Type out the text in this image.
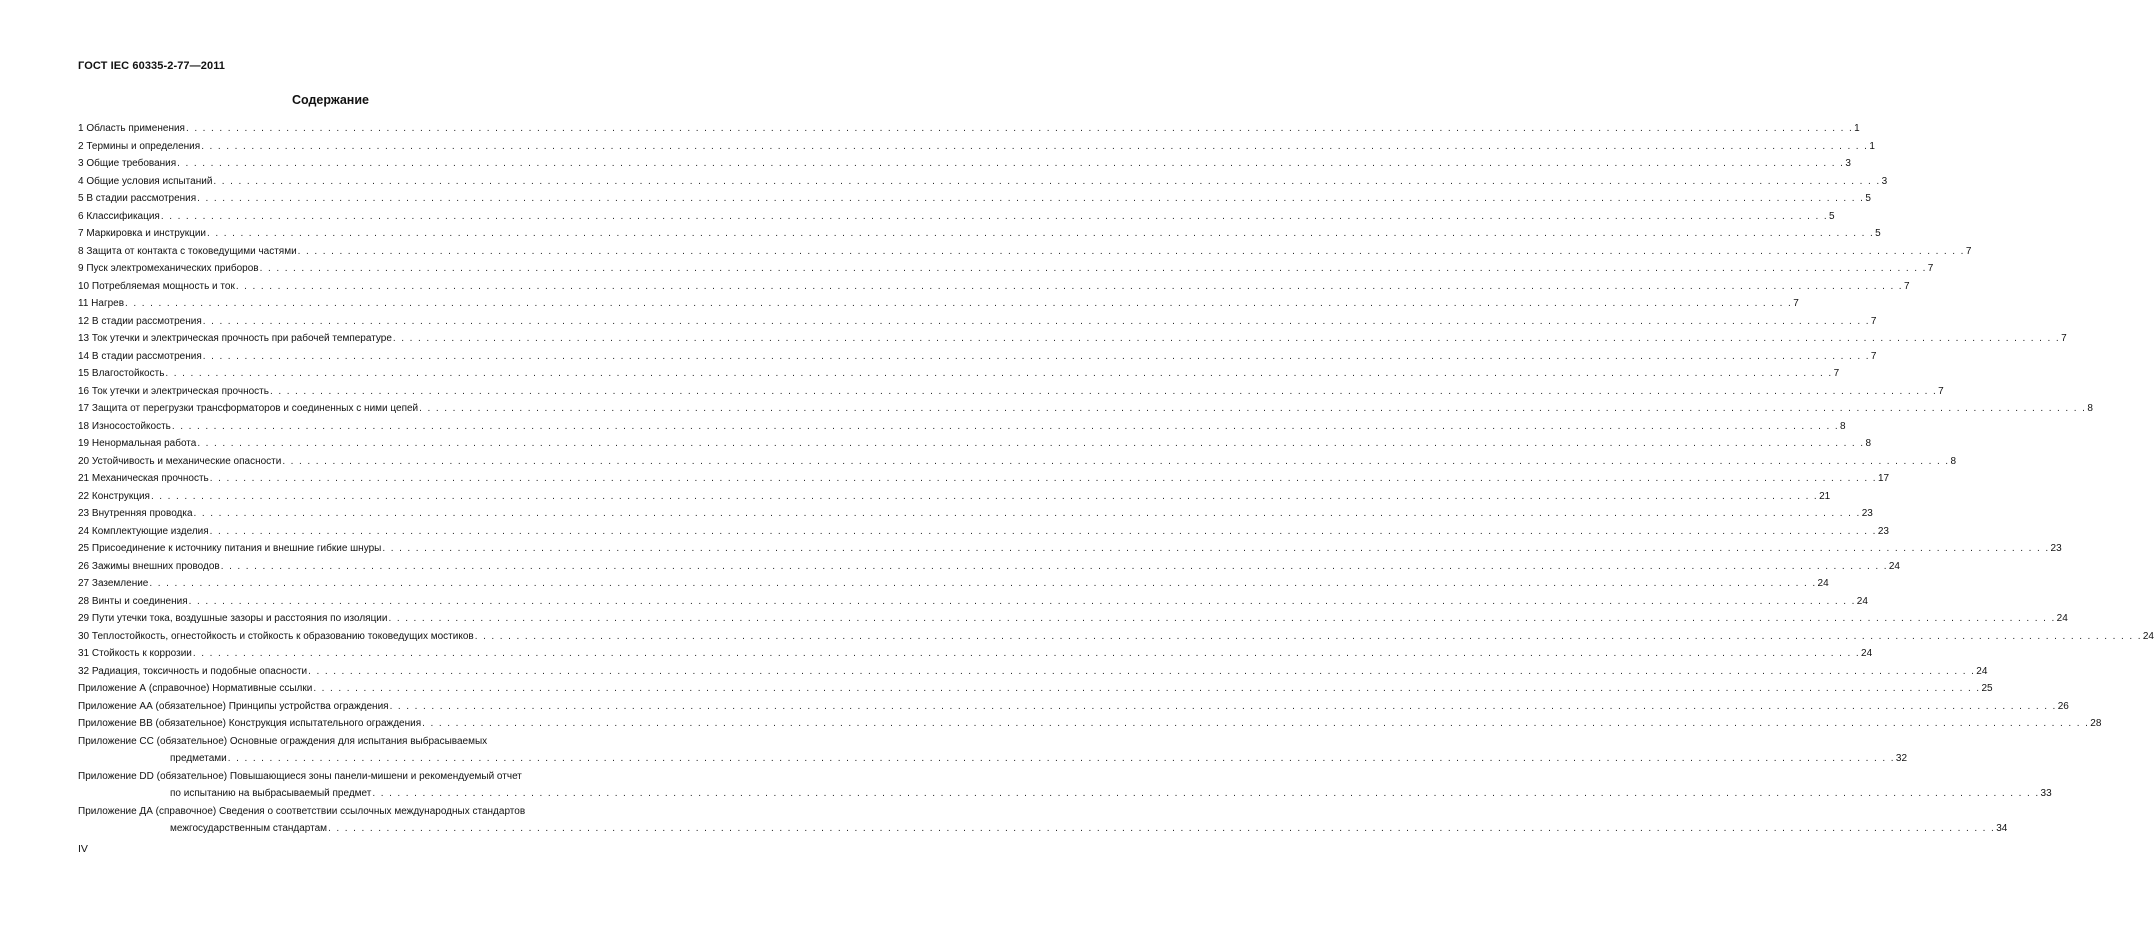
ГОСТ IEC 60335-2-77—2011
Содержание
1 Область применения . . . . . . . . . . . . . . . . . . . . . . . . . . . . . . . . . . . . . . . . . . . . . . . . . . . . . . . . . . . . . . . . . . . . . . . . . . . . . . . . . . . . . . . . . . . . . . . . . . . . . . . . . . . . . . . . . . . . . . . . . . . . . . . . . . . . . . . . . . . . . . . . . . . . . . . . . . . . . . . . . . . . . . . . . . . . . . . . . . . . . . . . . . . . . . . . . . . . . . . . 1
2 Термины и определения . . . . . . . . . . . . . . . . . . . . . . . . . . . . . . . . . . . . . . . . . . . . . . . . . . . . . . . . . . . . . . . . . . . . . . . . . . . . . . . . . . . . . . . . . . . . . . . . . . . . . . . . . . . . . . . . . . . . . . . . . . . . . . . . . . . . . . . . . . . . . . . . . . . . . . . . . . . . . . . . . . . . . . . . . . . . . . . . . . . . . . . . . . . . . . . . . . . . . . . . 1
3 Общие требования . . . . . . . . . . . . . . . . . . . . . . . . . . . . . . . . . . . . . . . . . . . . . . . . . . . . . . . . . . . . . . . . . . . . . . . . . . . . . . . . . . . . . . . . . . . . . . . . . . . . . . . . . . . . . . . . . . . . . . . . . . . . . . . . . . . . . . . . . . . . . . . . . . . . . . . . . . . . . . . . . . . . . . . . . . . . . . . . . . . . . . . . . . . . . . . . . . . . . . . . 3
4 Общие условия испытаний . . . . . . . . . . . . . . . . . . . . . . . . . . . . . . . . . . . . . . . . . . . . . . . . . . . . . . . . . . . . . . . . . . . . . . . . . . . . . . . . . . . . . . . . . . . . . . . . . . . . . . . . . . . . . . . . . . . . . . . . . . . . . . . . . . . . . . . . . . . . . . . . . . . . . . . . . . . . . . . . . . . . . . . . . . . . . . . . . . . . . . . . . . . . . . . . . . . . . . . . 3
5 В стадии рассмотрения . . . . . . . . . . . . . . . . . . . . . . . . . . . . . . . . . . . . . . . . . . . . . . . . . . . . . . . . . . . . . . . . . . . . . . . . . . . . . . . . . . . . . . . . . . . . . . . . . . . . . . . . . . . . . . . . . . . . . . . . . . . . . . . . . . . . . . . . . . . . . . . . . . . . . . . . . . . . . . . . . . . . . . . . . . . . . . . . . . . . . . . . . . . . . . . . . . . . . . . . 5
6 Классификация . . . . . . . . . . . . . . . . . . . . . . . . . . . . . . . . . . . . . . . . . . . . . . . . . . . . . . . . . . . . . . . . . . . . . . . . . . . . . . . . . . . . . . . . . . . . . . . . . . . . . . . . . . . . . . . . . . . . . . . . . . . . . . . . . . . . . . . . . . . . . . . . . . . . . . . . . . . . . . . . . . . . . . . . . . . . . . . . . . . . . . . . . . . . . . . . . . . . . . . . 5
7 Маркировка и инструкции . . . . . . . . . . . . . . . . . . . . . . . . . . . . . . . . . . . . . . . . . . . . . . . . . . . . . . . . . . . . . . . . . . . . . . . . . . . . . . . . . . . . . . . . . . . . . . . . . . . . . . . . . . . . . . . . . . . . . . . . . . . . . . . . . . . . . . . . . . . . . . . . . . . . . . . . . . . . . . . . . . . . . . . . . . . . . . . . . . . . . . . . . . . . . . . . . . . . . . . . 5
8 Защита от контакта с токоведущими частями . . . . . . . . . . . . . . . . . . . . . . . . . . . . . . . . . . . . . . . . . . . . . . . . . . . . . . . . . . . . . . . . . . . . . . . . . . . . . . . . . . . . . . . . . . . . . . . . . . . . . . . . . . . . . . . . . . . . . . . . . . . . . . . . . . . . . . . . . . . . . . . . . . . . . . . . . . . . . . . . . . . . . . . . . . . . . . . . . . . . . . . . . . . . . . . . . . . . . . . . 7
9 Пуск электромеханических приборов . . . . . . . . . . . . . . . . . . . . . . . . . . . . . . . . . . . . . . . . . . . . . . . . . . . . . . . . . . . . . . . . . . . . . . . . . . . . . . . . . . . . . . . . . . . . . . . . . . . . . . . . . . . . . . . . . . . . . . . . . . . . . . . . . . . . . . . . . . . . . . . . . . . . . . . . . . . . . . . . . . . . . . . . . . . . . . . . . . . . . . . . . . . . . . . . . . . . . . . . 7
10 Потребляемая мощность и ток . . . . . . . . . . . . . . . . . . . . . . . . . . . . . . . . . . . . . . . . . . . . . . . . . . . . . . . . . . . . . . . . . . . . . . . . . . . . . . . . . . . . . . . . . . . . . . . . . . . . . . . . . . . . . . . . . . . . . . . . . . . . . . . . . . . . . . . . . . . . . . . . . . . . . . . . . . . . . . . . . . . . . . . . . . . . . . . . . . . . . . . . . . . . . . . . . . . . . . . . 7
11 Нагрев . . . . . . . . . . . . . . . . . . . . . . . . . . . . . . . . . . . . . . . . . . . . . . . . . . . . . . . . . . . . . . . . . . . . . . . . . . . . . . . . . . . . . . . . . . . . . . . . . . . . . . . . . . . . . . . . . . . . . . . . . . . . . . . . . . . . . . . . . . . . . . . . . . . . . . . . . . . . . . . . . . . . . . . . . . . . . . . . . . . . . . . . . . . . . . . . . . . . . . . . 7
12 В стадии рассмотрения . . . . . . . . . . . . . . . . . . . . . . . . . . . . . . . . . . . . . . . . . . . . . . . . . . . . . . . . . . . . . . . . . . . . . . . . . . . . . . . . . . . . . . . . . . . . . . . . . . . . . . . . . . . . . . . . . . . . . . . . . . . . . . . . . . . . . . . . . . . . . . . . . . . . . . . . . . . . . . . . . . . . . . . . . . . . . . . . . . . . . . . . . . . . . . . . . . . . . . . . 7
13 Ток утечки и электрическая прочность при рабочей температуре . . . . . . . . . . . . . . . . . . . . . . . . . . . . . . . . . . . . . . . . . . . . . . . . . . . . . . . . . . . . . . . . . . . . . . . . . . . . . . . . . . . . . . . . . . . . . . . . . . . . . . . . . . . . . . . . . . . . . . . . . . . . . . . . . . . . . . . . . . . . . . . . . . . . . . . . . . . . . . . . . . . . . . . . . . . . . . . . . . . . . . . . . . . . . . . . . . . . . . . . 7
14 В стадии рассмотрения . . . . . . . . . . . . . . . . . . . . . . . . . . . . . . . . . . . . . . . . . . . . . . . . . . . . . . . . . . . . . . . . . . . . . . . . . . . . . . . . . . . . . . . . . . . . . . . . . . . . . . . . . . . . . . . . . . . . . . . . . . . . . . . . . . . . . . . . . . . . . . . . . . . . . . . . . . . . . . . . . . . . . . . . . . . . . . . . . . . . . . . . . . . . . . . . . . . . . . . . 7
15 Влагостойкость . . . . . . . . . . . . . . . . . . . . . . . . . . . . . . . . . . . . . . . . . . . . . . . . . . . . . . . . . . . . . . . . . . . . . . . . . . . . . . . . . . . . . . . . . . . . . . . . . . . . . . . . . . . . . . . . . . . . . . . . . . . . . . . . . . . . . . . . . . . . . . . . . . . . . . . . . . . . . . . . . . . . . . . . . . . . . . . . . . . . . . . . . . . . . . . . . . . . . . . . 7
16 Ток утечки и электрическая прочность . . . . . . . . . . . . . . . . . . . . . . . . . . . . . . . . . . . . . . . . . . . . . . . . . . . . . . . . . . . . . . . . . . . . . . . . . . . . . . . . . . . . . . . . . . . . . . . . . . . . . . . . . . . . . . . . . . . . . . . . . . . . . . . . . . . . . . . . . . . . . . . . . . . . . . . . . . . . . . . . . . . . . . . . . . . . . . . . . . . . . . . . . . . . . . . . . . . . . . . . 7
17 Защита от перегрузки трансформаторов и соединенных с ними цепей . . . . . . . . . . . . . . . . . . . . . . . . . . . . . . . . . . . . . . . . . . . . . . . . . . . . . . . . . . . . . . . . . . . . . . . . . . . . . . . . . . . . . . . . . . . . . . . . . . . . . . . . . . . . . . . . . . . . . . . . . . . . . . . . . . . . . . . . . . . . . . . . . . . . . . . . . . . . . . . . . . . . . . . . . . . . . . . . . . . . . . . . . . . . . . . . . . . . . . . . 8
18 Износостойкость . . . . . . . . . . . . . . . . . . . . . . . . . . . . . . . . . . . . . . . . . . . . . . . . . . . . . . . . . . . . . . . . . . . . . . . . . . . . . . . . . . . . . . . . . . . . . . . . . . . . . . . . . . . . . . . . . . . . . . . . . . . . . . . . . . . . . . . . . . . . . . . . . . . . . . . . . . . . . . . . . . . . . . . . . . . . . . . . . . . . . . . . . . . . . . . . . . . . . . . . 8
19 Ненормальная работа . . . . . . . . . . . . . . . . . . . . . . . . . . . . . . . . . . . . . . . . . . . . . . . . . . . . . . . . . . . . . . . . . . . . . . . . . . . . . . . . . . . . . . . . . . . . . . . . . . . . . . . . . . . . . . . . . . . . . . . . . . . . . . . . . . . . . . . . . . . . . . . . . . . . . . . . . . . . . . . . . . . . . . . . . . . . . . . . . . . . . . . . . . . . . . . . . . . . . . . . 8
20 Устойчивость и механические опасности . . . . . . . . . . . . . . . . . . . . . . . . . . . . . . . . . . . . . . . . . . . . . . . . . . . . . . . . . . . . . . . . . . . . . . . . . . . . . . . . . . . . . . . . . . . . . . . . . . . . . . . . . . . . . . . . . . . . . . . . . . . . . . . . . . . . . . . . . . . . . . . . . . . . . . . . . . . . . . . . . . . . . . . . . . . . . . . . . . . . . . . . . . . . . . . . . . . . . . . . 8
21 Механическая прочность . . . . . . . . . . . . . . . . . . . . . . . . . . . . . . . . . . . . . . . . . . . . . . . . . . . . . . . . . . . . . . . . . . . . . . . . . . . . . . . . . . . . . . . . . . . . . . . . . . . . . . . . . . . . . . . . . . . . . . . . . . . . . . . . . . . . . . . . . . . . . . . . . . . . . . . . . . . . . . . . . . . . . . . . . . . . . . . . . . . . . . . . . . . . . . . . . . . . . . . . 17
22 Конструкция . . . . . . . . . . . . . . . . . . . . . . . . . . . . . . . . . . . . . . . . . . . . . . . . . . . . . . . . . . . . . . . . . . . . . . . . . . . . . . . . . . . . . . . . . . . . . . . . . . . . . . . . . . . . . . . . . . . . . . . . . . . . . . . . . . . . . . . . . . . . . . . . . . . . . . . . . . . . . . . . . . . . . . . . . . . . . . . . . . . . . . . . . . . . . . . . . . . . . . . . 21
23 Внутренняя проводка . . . . . . . . . . . . . . . . . . . . . . . . . . . . . . . . . . . . . . . . . . . . . . . . . . . . . . . . . . . . . . . . . . . . . . . . . . . . . . . . . . . . . . . . . . . . . . . . . . . . . . . . . . . . . . . . . . . . . . . . . . . . . . . . . . . . . . . . . . . . . . . . . . . . . . . . . . . . . . . . . . . . . . . . . . . . . . . . . . . . . . . . . . . . . . . . . . . . . . . . 23
24 Комплектующие изделия . . . . . . . . . . . . . . . . . . . . . . . . . . . . . . . . . . . . . . . . . . . . . . . . . . . . . . . . . . . . . . . . . . . . . . . . . . . . . . . . . . . . . . . . . . . . . . . . . . . . . . . . . . . . . . . . . . . . . . . . . . . . . . . . . . . . . . . . . . . . . . . . . . . . . . . . . . . . . . . . . . . . . . . . . . . . . . . . . . . . . . . . . . . . . . . . . . . . . . . . 23
25 Присоединение к источнику питания и внешние гибкие шнуры . . . . . . . . . . . . . . . . . . . . . . . . . . . . . . . . . . . . . . . . . . . . . . . . . . . . . . . . . . . . . . . . . . . . . . . . . . . . . . . . . . . . . . . . . . . . . . . . . . . . . . . . . . . . . . . . . . . . . . . . . . . . . . . . . . . . . . . . . . . . . . . . . . . . . . . . . . . . . . . . . . . . . . . . . . . . . . . . . . . . . . . . . . . . . . . . . . . . . . . . 23
26 Зажимы внешних проводов . . . . . . . . . . . . . . . . . . . . . . . . . . . . . . . . . . . . . . . . . . . . . . . . . . . . . . . . . . . . . . . . . . . . . . . . . . . . . . . . . . . . . . . . . . . . . . . . . . . . . . . . . . . . . . . . . . . . . . . . . . . . . . . . . . . . . . . . . . . . . . . . . . . . . . . . . . . . . . . . . . . . . . . . . . . . . . . . . . . . . . . . . . . . . . . . . . . . . . . . 24
27 Заземление . . . . . . . . . . . . . . . . . . . . . . . . . . . . . . . . . . . . . . . . . . . . . . . . . . . . . . . . . . . . . . . . . . . . . . . . . . . . . . . . . . . . . . . . . . . . . . . . . . . . . . . . . . . . . . . . . . . . . . . . . . . . . . . . . . . . . . . . . . . . . . . . . . . . . . . . . . . . . . . . . . . . . . . . . . . . . . . . . . . . . . . . . . . . . . . . . . . . . . . . 24
28 Винты и соединения . . . . . . . . . . . . . . . . . . . . . . . . . . . . . . . . . . . . . . . . . . . . . . . . . . . . . . . . . . . . . . . . . . . . . . . . . . . . . . . . . . . . . . . . . . . . . . . . . . . . . . . . . . . . . . . . . . . . . . . . . . . . . . . . . . . . . . . . . . . . . . . . . . . . . . . . . . . . . . . . . . . . . . . . . . . . . . . . . . . . . . . . . . . . . . . . . . . . . . . . 24
29 Пути утечки тока, воздушные зазоры и расстояния по изоляции . . . . . . . . . . . . . . . . . . . . . . . . . . . . . . . . . . . . . . . . . . . . . . . . . . . . . . . . . . . . . . . . . . . . . . . . . . . . . . . . . . . . . . . . . . . . . . . . . . . . . . . . . . . . . . . . . . . . . . . . . . . . . . . . . . . . . . . . . . . . . . . . . . . . . . . . . . . . . . . . . . . . . . . . . . . . . . . . . . . . . . . . . . . . . . . . . . . . . . . . 24
30 Теплостойкость, огнестойкость и стойкость к образованию токоведущих мостиков . . . . . . . . . . . . . . . . . . . . . . . . . . . . . . . . . . . . . . . . . . . . . . . . . . . . . . . . . . . . . . . . . . . . . . . . . . . . . . . . . . . . . . . . . . . . . . . . . . . . . . . . . . . . . . . . . . . . . . . . . . . . . . . . . . . . . . . . . . . . . . . . . . . . . . . . . . . . . . . . . . . . . . . . . . . . . . . . . . . . . . . . . . . . . . . . . . . . . . . . 24
31 Стойкость к коррозии . . . . . . . . . . . . . . . . . . . . . . . . . . . . . . . . . . . . . . . . . . . . . . . . . . . . . . . . . . . . . . . . . . . . . . . . . . . . . . . . . . . . . . . . . . . . . . . . . . . . . . . . . . . . . . . . . . . . . . . . . . . . . . . . . . . . . . . . . . . . . . . . . . . . . . . . . . . . . . . . . . . . . . . . . . . . . . . . . . . . . . . . . . . . . . . . . . . . . . . . 24
32 Радиация, токсичность и подобные опасности . . . . . . . . . . . . . . . . . . . . . . . . . . . . . . . . . . . . . . . . . . . . . . . . . . . . . . . . . . . . . . . . . . . . . . . . . . . . . . . . . . . . . . . . . . . . . . . . . . . . . . . . . . . . . . . . . . . . . . . . . . . . . . . . . . . . . . . . . . . . . . . . . . . . . . . . . . . . . . . . . . . . . . . . . . . . . . . . . . . . . . . . . . . . . . . . . . . . . . . . 24
Приложение А (справочное) Нормативные ссылки . . . . . . . . . . . . . . . . . . . . . . . . . . . . . . . . . . . . . . . . . . . . . . . . . . . . . . . . . . . . . . . . . . . . . . . . . . . . . . . . . . . . . . . . . . . . . . . . . . . . . . . . . . . . . . . . . . . . . . . . . . . . . . . . . . . . . . . . . . . . . . . . . . . . . . . . . . . . . . . . . . . . . . . . . . . . . . . . . . . . . . . . . . . . . . . . . . . . . . . . 25
Приложение АА (обязательное) Принципы устройства ограждения . . . . . . . . . . . . . . . . . . . . . . . . . . . . . . . . . . . . . . . . . . . . . . . . . . . . . . . . . . . . . . . . . . . . . . . . . . . . . . . . . . . . . . . . . . . . . . . . . . . . . . . . . . . . . . . . . . . . . . . . . . . . . . . . . . . . . . . . . . . . . . . . . . . . . . . . . . . . . . . . . . . . . . . . . . . . . . . . . . . . . . . . . . . . . . . . . . . . . . . . 26
Приложение ВВ (обязательное) Конструкция испытательного ограждения . . . . . . . . . . . . . . . . . . . . . . . . . . . . . . . . . . . . . . . . . . . . . . . . . . . . . . . . . . . . . . . . . . . . . . . . . . . . . . . . . . . . . . . . . . . . . . . . . . . . . . . . . . . . . . . . . . . . . . . . . . . . . . . . . . . . . . . . . . . . . . . . . . . . . . . . . . . . . . . . . . . . . . . . . . . . . . . . . . . . . . . . . . . . . . . . . . . . . . . . 28
Приложение СС (обязательное) Основные ограждения для испытания выбрасываемых
предметами . . . . . . . . . . . . . . . . . . . . . . . . . . . . . . . . . . . . . . . . . . . . . . . . . . . . . . . . . . . . . . . . . . . . . . . . . . . . . . . . . . . . . . . . . . . . . . . . . . . . . . . . . . . . . . . . . . . . . . . . . . . . . . . . . . . . . . . . . . . . . . . . . . . . . . . . . . . . . . . . . . . . . . . . . . . . . . . . . . . . . . . . . . . . . . . . . . . . . . . . 32
Приложение DD (обязательное) Повышающиеся зоны панели-мишени и рекомендуемый отчет
по испытанию на выбрасываемый предмет . . . . . . . . . . . . . . . . . . . . . . . . . . . . . . . . . . . . . . . . . . . . . . . . . . . . . . . . . . . . . . . . . . . . . . . . . . . . . . . . . . . . . . . . . . . . . . . . . . . . . . . . . . . . . . . . . . . . . . . . . . . . . . . . . . . . . . . . . . . . . . . . . . . . . . . . . . . . . . . . . . . . . . . . . . . . . . . . . . . . . . . . . . . . . . . . . . . . . . . . 33
Приложение ДА (справочное) Сведения о соответствии ссылочных международных стандартов
межгосударственным стандартам . . . . . . . . . . . . . . . . . . . . . . . . . . . . . . . . . . . . . . . . . . . . . . . . . . . . . . . . . . . . . . . . . . . . . . . . . . . . . . . . . . . . . . . . . . . . . . . . . . . . . . . . . . . . . . . . . . . . . . . . . . . . . . . . . . . . . . . . . . . . . . . . . . . . . . . . . . . . . . . . . . . . . . . . . . . . . . . . . . . . . . . . . . . . . . . . . . . . . . . . 34
IV
